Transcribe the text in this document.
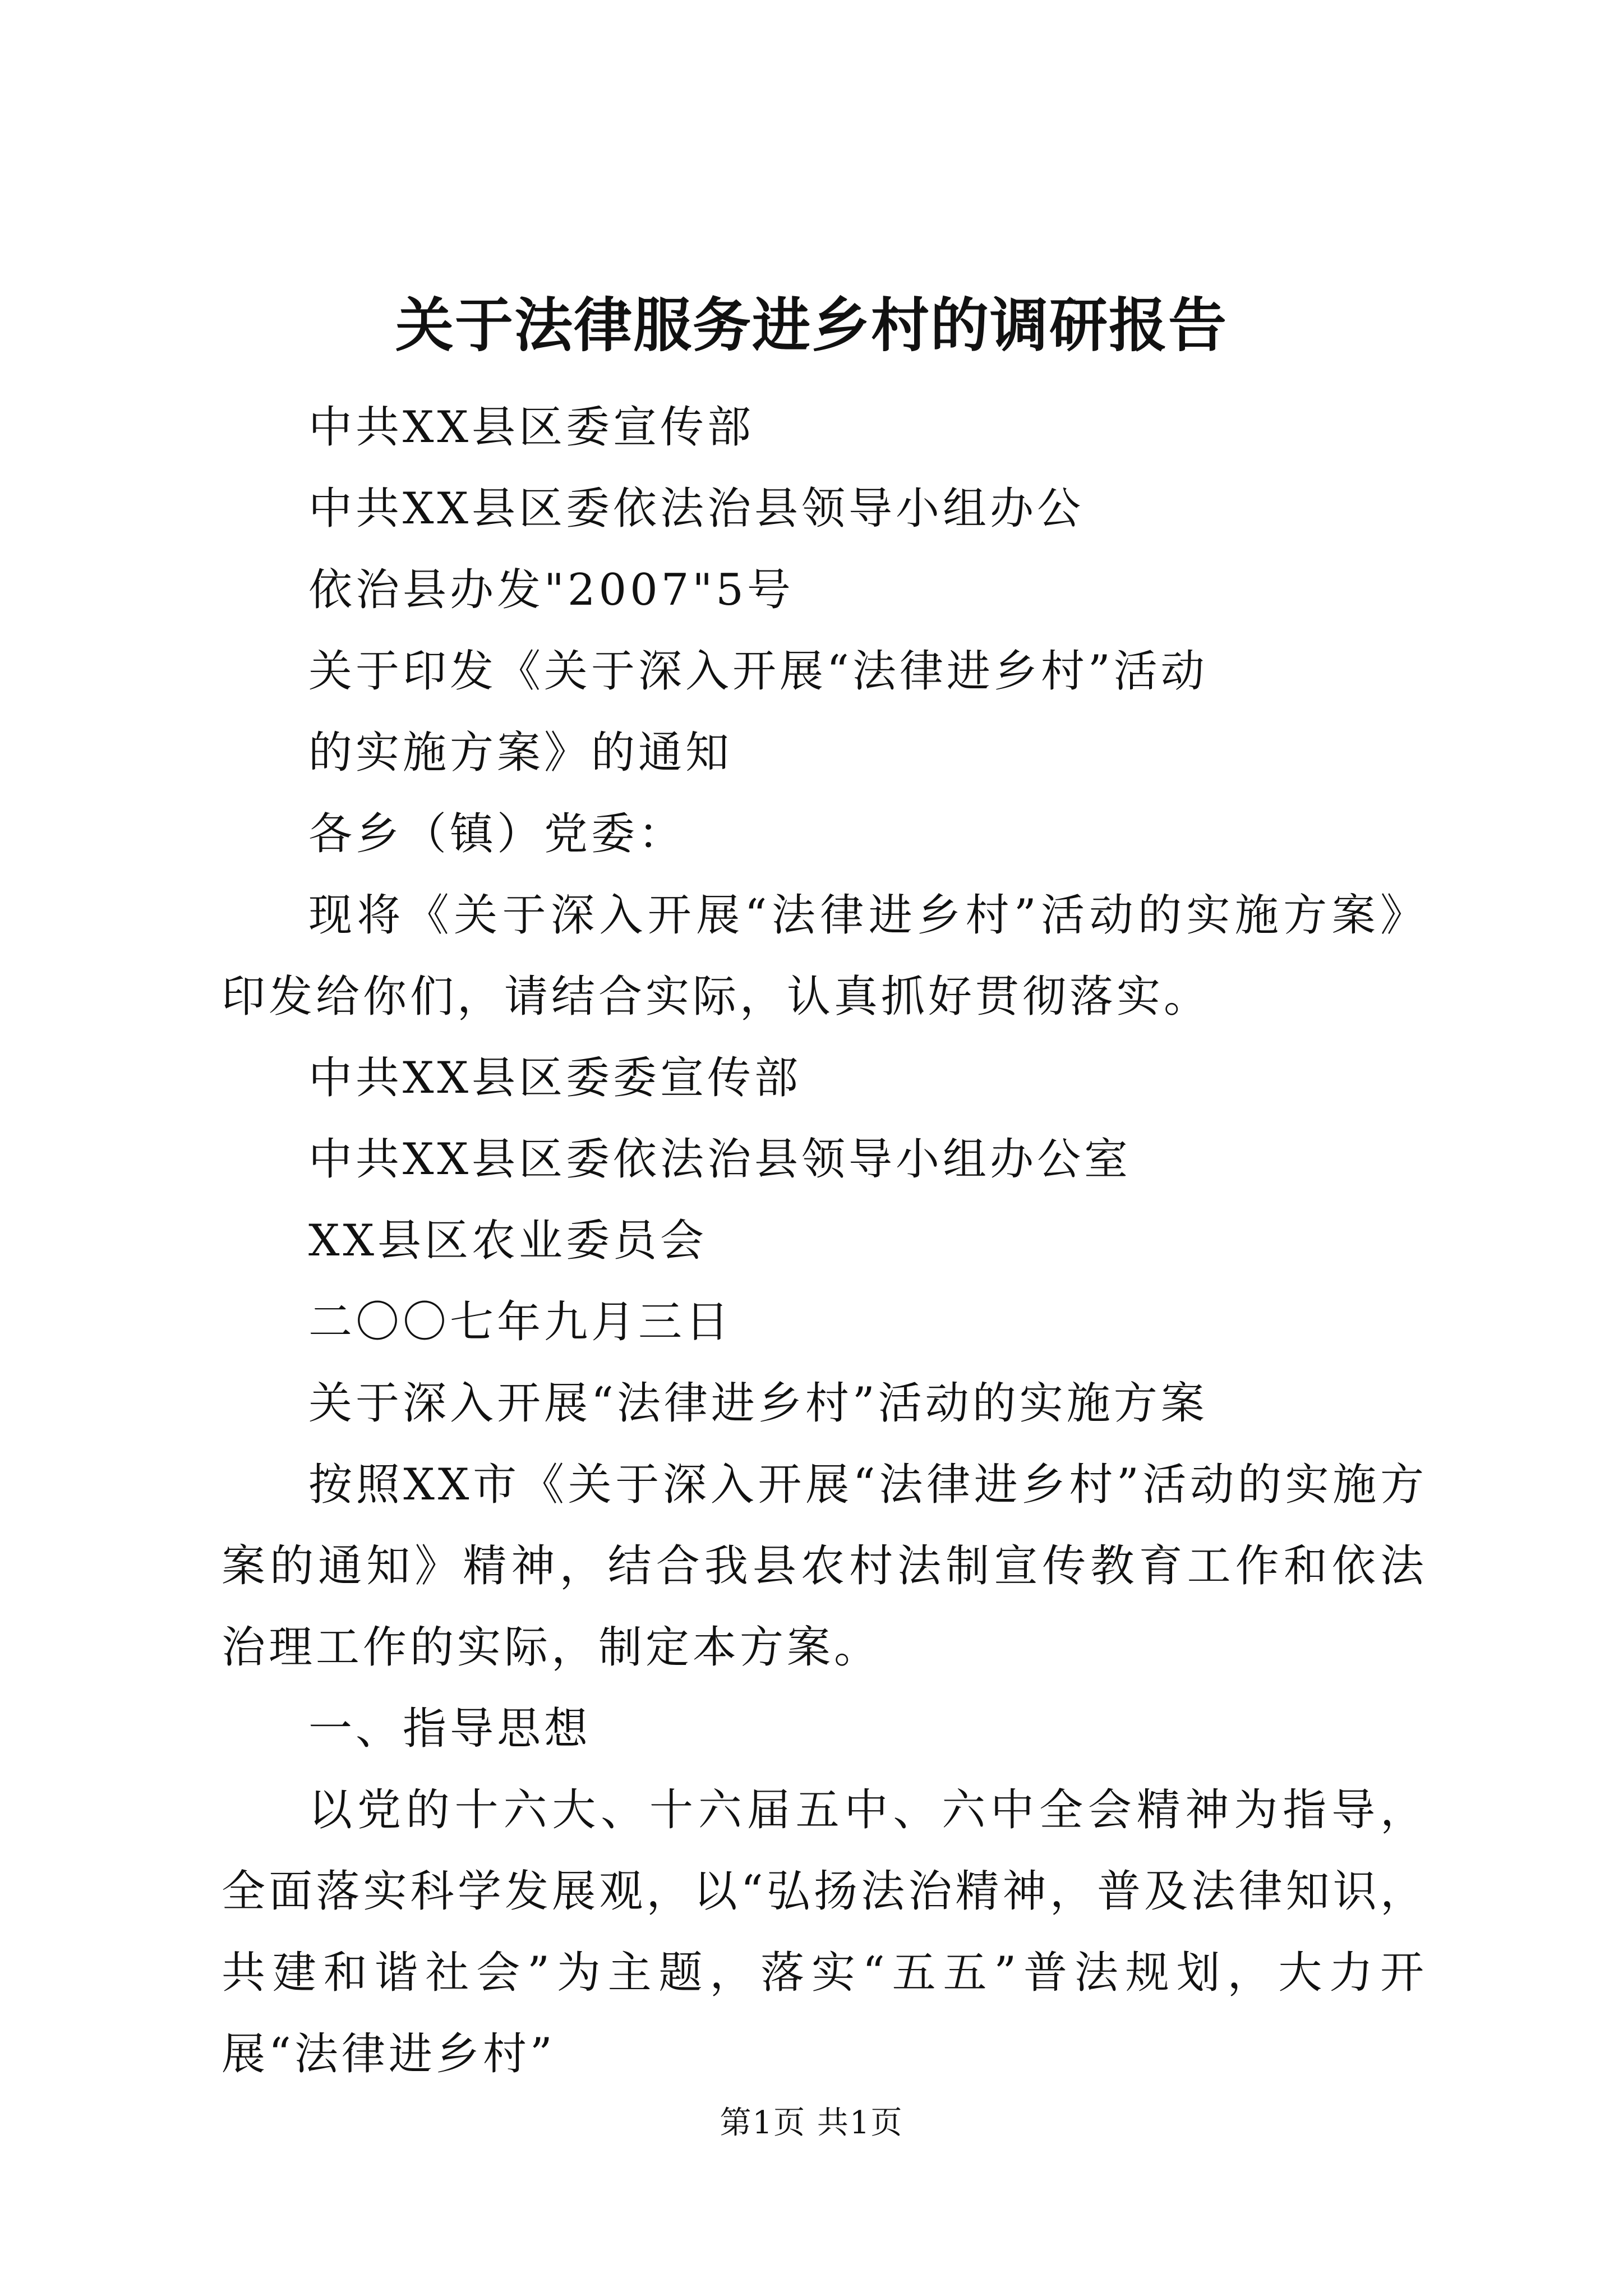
关于法律服务进乡村的调研报告

中共XX县区委宣传部

中共XX县区委依法治县领导小组办公

依治县办发"2007"5号

关于印发《关于深入开展“法律进乡村”活动

的实施方案》的通知

各乡（镇）党委：

现将《关于深入开展“法律进乡村”活动的实施方案》印发给你们，请结合实际，认真抓好贯彻落实。

中共XX县区委委宣传部

中共XX县区委依法治县领导小组办公室

XX县区农业委员会

二〇〇七年九月三日

关于深入开展“法律进乡村”活动的实施方案

按照XX市《关于深入开展“法律进乡村”活动的实施方案的通知》精神，结合我县农村法制宣传教育工作和依法治理工作的实际，制定本方案。

一、指导思想

以党的十六大、十六届五中、六中全会精神为指导，全面落实科学发展观，以“弘扬法治精神，普及法律知识，共建和谐社会”为主题，落实“五五”普法规划，大力开展“法律进乡村”

第1页 共1页
